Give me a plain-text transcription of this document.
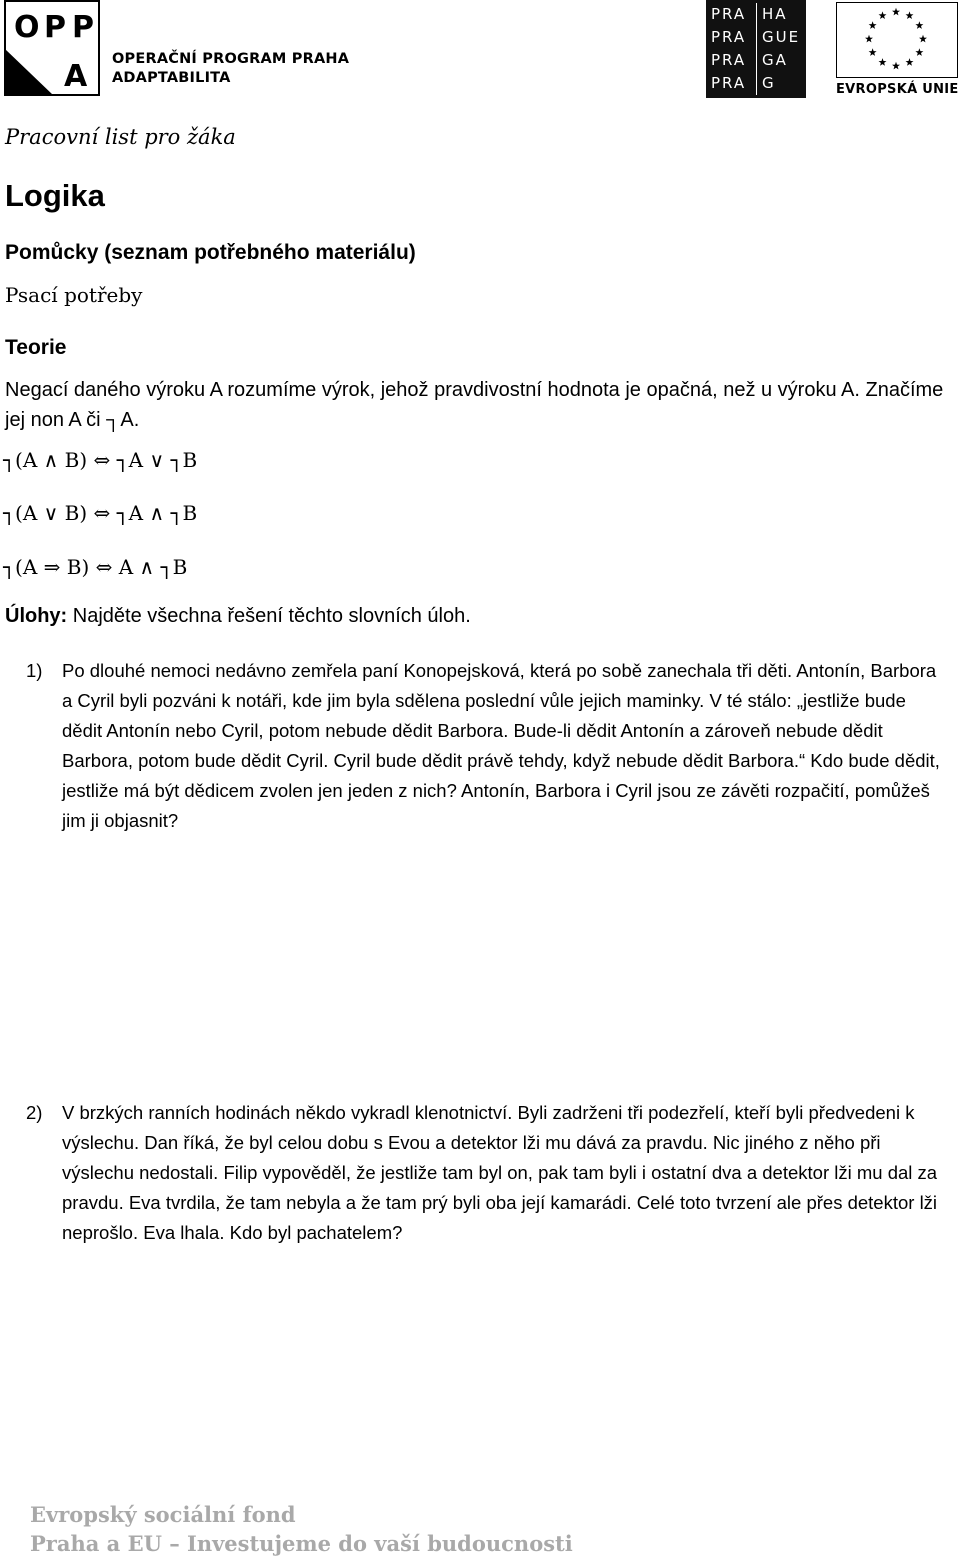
O P P
A OPERAČNÍ PROGRAM PRAHA
ADAPTABILITA
PRA
PRA
PRA
PRA
HA
GUE
GA
G	EVROPSKÁ UNIE
Pracovní list pro žáka
Logika
Pomůcky (seznam potřebného materiálu)
Psací potřeby
Teorie
Negací daného výroku A rozumíme výrok, jehož pravdivostní hodnota je opačná, než u výroku A. Značíme jej non A či ┐A.
┐(A ∧ B) ⇔ ┐A ∨ ┐B
┐(A ∨ B) ⇔ ┐A ∧ ┐B
┐(A ⇒ B) ⇔ A ∧ ┐B
Úlohy: Najděte všechna řešení těchto slovních úloh.
1) Po dlouhé nemoci nedávno zemřela paní Konopejsková, která po sobě zanechala tři děti. Antonín, Barbora a Cyril byli pozváni k notáři, kde jim byla sdělena poslední vůle jejich maminky. V té stálo: „jestliže bude dědit Antonín nebo Cyril, potom nebude dědit Barbora. Bude-li dědit Antonín a zároveň nebude dědit Barbora, potom bude dědit Cyril. Cyril bude dědit právě tehdy, když nebude dědit Barbora.“ Kdo bude dědit, jestliže má být dědicem zvolen jen jeden z nich? Antonín, Barbora i Cyril jsou ze závěti rozpačití, pomůžeš jim ji objasnit?
2) V brzkých ranních hodinách někdo vykradl klenotnictví. Byli zadrženi tři podezřelí, kteří byli předvedeni k výslechu. Dan říká, že byl celou dobu s Evou a detektor lži mu dává za pravdu. Nic jiného z něho při výslechu nedostali. Filip vypověděl, že jestliže tam byl on, pak tam byli i ostatní dva a detektor lži mu dal za pravdu. Eva tvrdila, že tam nebyla a že tam prý byli oba její kamarádi. Celé toto tvrzení ale přes detektor lži neprošlo. Eva lhala. Kdo byl pachatelem?
Evropský sociální fond
Praha a EU – Investujeme do vaší budoucnosti
